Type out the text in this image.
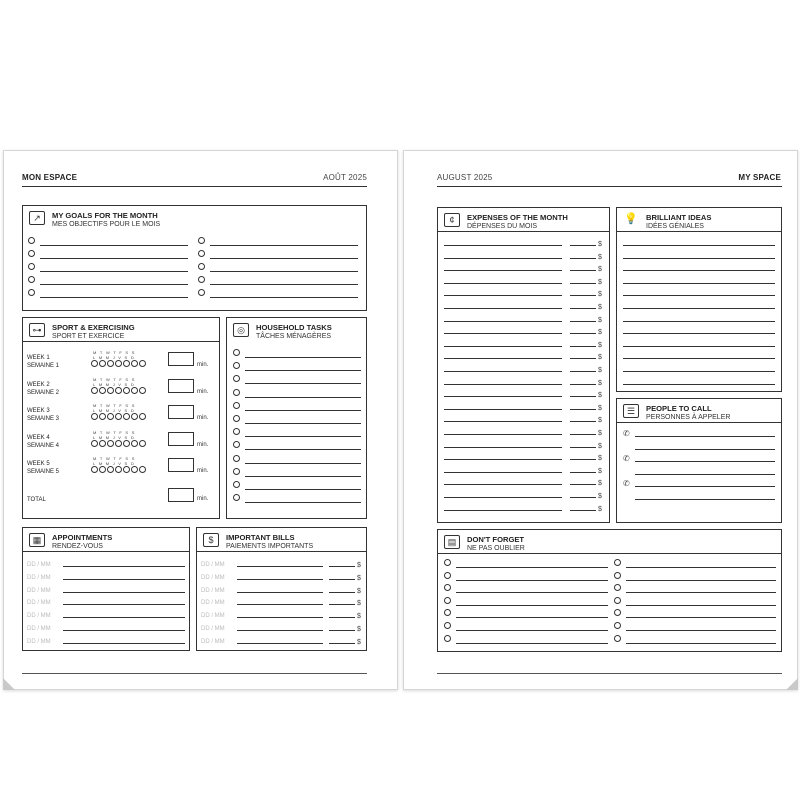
MON ESPACE	AOÛT 2025
↗	MY GOALS FOR THE MONTH
MES OBJECTIFS POUR LE MOIS
⊶	SPORT & EXERCISING
SPORT ET EXERCICE
WEEK 1
SEMAINE 1
MTWTFSS
LMMJVSD
min.
WEEK 2
SEMAINE 2
MTWTFSS
LMMJVSD
min.
WEEK 3
SEMAINE 3
MTWTFSS
LMMJVSD
min.
WEEK 4
SEMAINE 4
MTWTFSS
LMMJVSD
min.
WEEK 5
SEMAINE 5
MTWTFSS
LMMJVSD
min.
TOTAL	min.
◎	HOUSEHOLD TASKS
TÂCHES MÉNAGÈRES
▦	APPOINTMENTS
RENDEZ-VOUS
DD / MM
DD / MM
DD / MM
DD / MM
DD / MM
DD / MM
DD / MM
$	IMPORTANT BILLS
PAIEMENTS IMPORTANTS
DD / MM	$
DD / MM	$
DD / MM	$
DD / MM	$
DD / MM	$
DD / MM	$
DD / MM	$
AUGUST 2025	MY SPACE
¢	EXPENSES OF THE MONTH
DÉPENSES DU MOIS
$
$
$
$
$
$
$
$
$
$
$
$
$
$
$
$
$
$
$
$
$
$
💡 BRILLIANT IDEAS
IDÉES GÉNIALES
☰	PEOPLE TO CALL
PERSONNES À APPELER
✆
✆
✆
▤	DON'T FORGET
NE PAS OUBLIER
